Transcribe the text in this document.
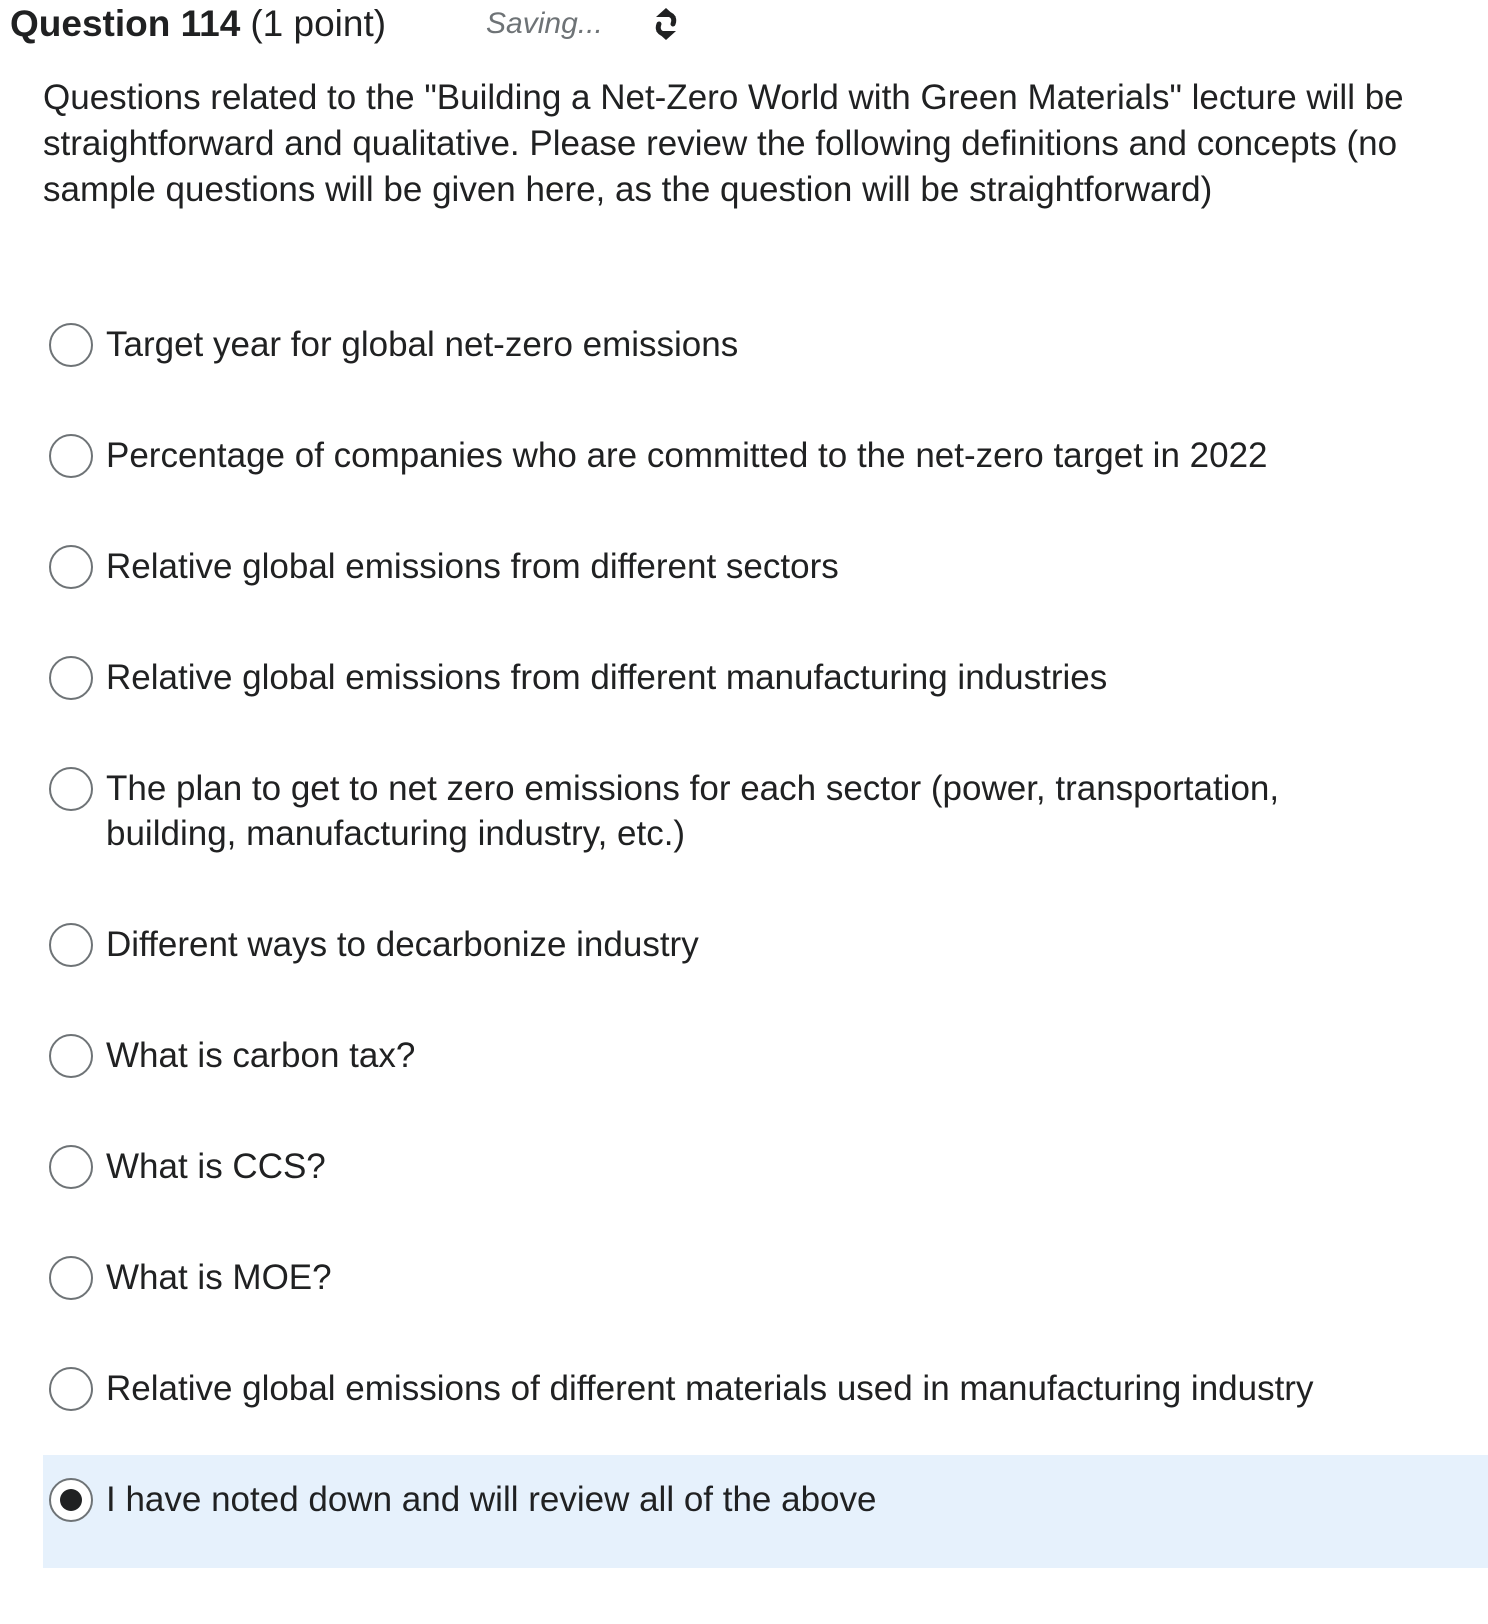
Question 114 (1 point)	Saving...
Questions related to the "Building a Net-Zero World with Green Materials" lecture will be straightforward and qualitative. Please review the following definitions and concepts (no sample questions will be given here, as the question will be straightforward)
Target year for global net-zero emissions
Percentage of companies who are committed to the net-zero target in 2022
Relative global emissions from different sectors
Relative global emissions from different manufacturing industries
The plan to get to net zero emissions for each sector (power, transportation, building, manufacturing industry, etc.)
Different ways to decarbonize industry
What is carbon tax?
What is CCS?
What is MOE?
Relative global emissions of different materials used in manufacturing industry
I have noted down and will review all of the above
